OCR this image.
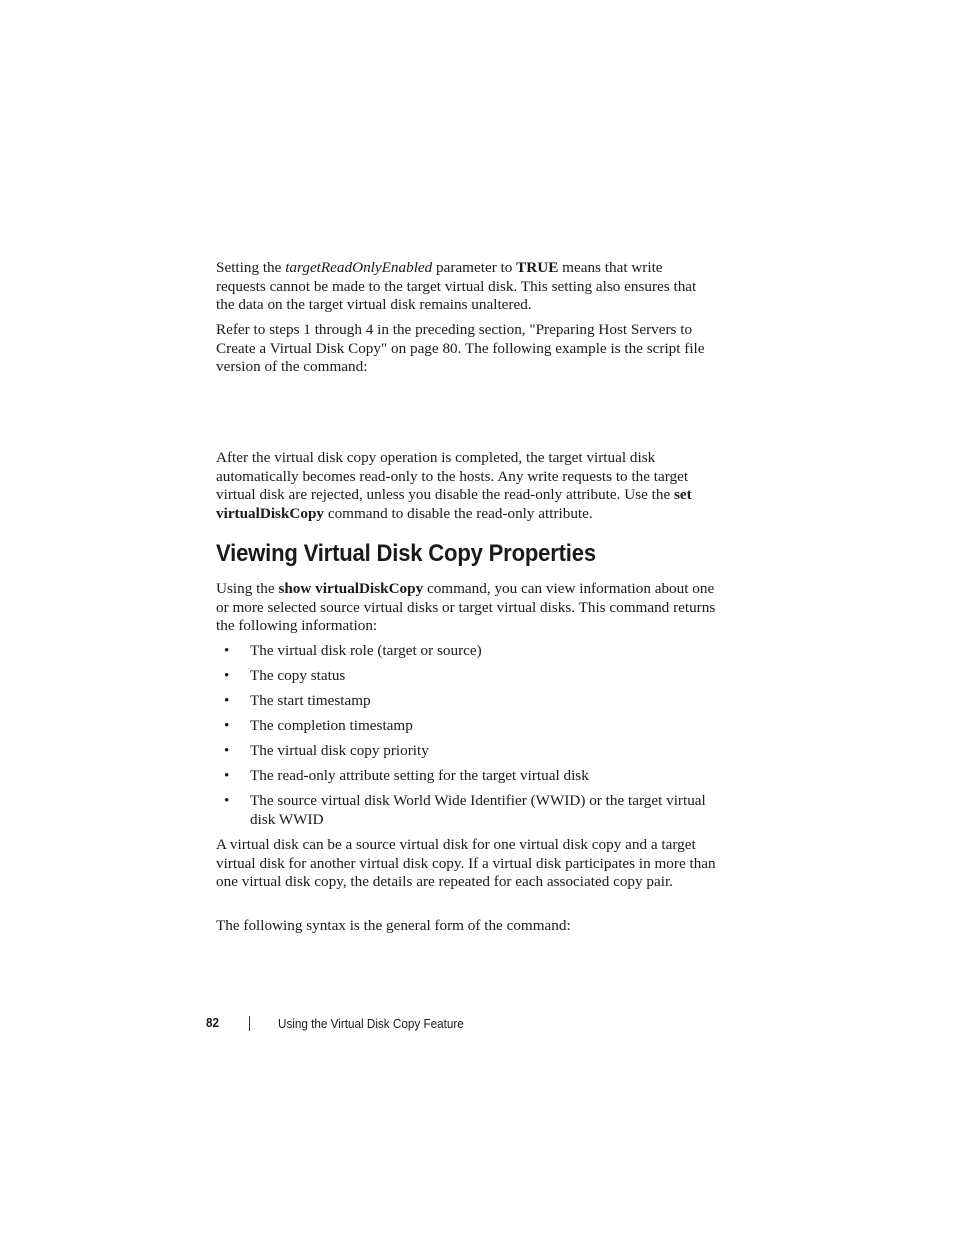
Setting the targetReadOnlyEnabled parameter to TRUE means that write requests cannot be made to the target virtual disk. This setting also ensures that the data on the target virtual disk remains unaltered.

Refer to steps 1 through 4 in the preceding section, "Preparing Host Servers to Create a Virtual Disk Copy" on page 80. The following example is the script file version of the command:

After the virtual disk copy operation is completed, the target virtual disk automatically becomes read-only to the hosts. Any write requests to the target virtual disk are rejected, unless you disable the read-only attribute. Use the set virtualDiskCopy command to disable the read-only attribute.

Viewing Virtual Disk Copy Properties

Using the show virtualDiskCopy command, you can view information about one or more selected source virtual disks or target virtual disks. This command returns the following information:

• The virtual disk role (target or source)
• The copy status
• The start timestamp
• The completion timestamp
• The virtual disk copy priority
• The read-only attribute setting for the target virtual disk
• The source virtual disk World Wide Identifier (WWID) or the target virtual disk WWID

A virtual disk can be a source virtual disk for one virtual disk copy and a target virtual disk for another virtual disk copy. If a virtual disk participates in more than one virtual disk copy, the details are repeated for each associated copy pair.

The following syntax is the general form of the command:

82	Using the Virtual Disk Copy Feature
